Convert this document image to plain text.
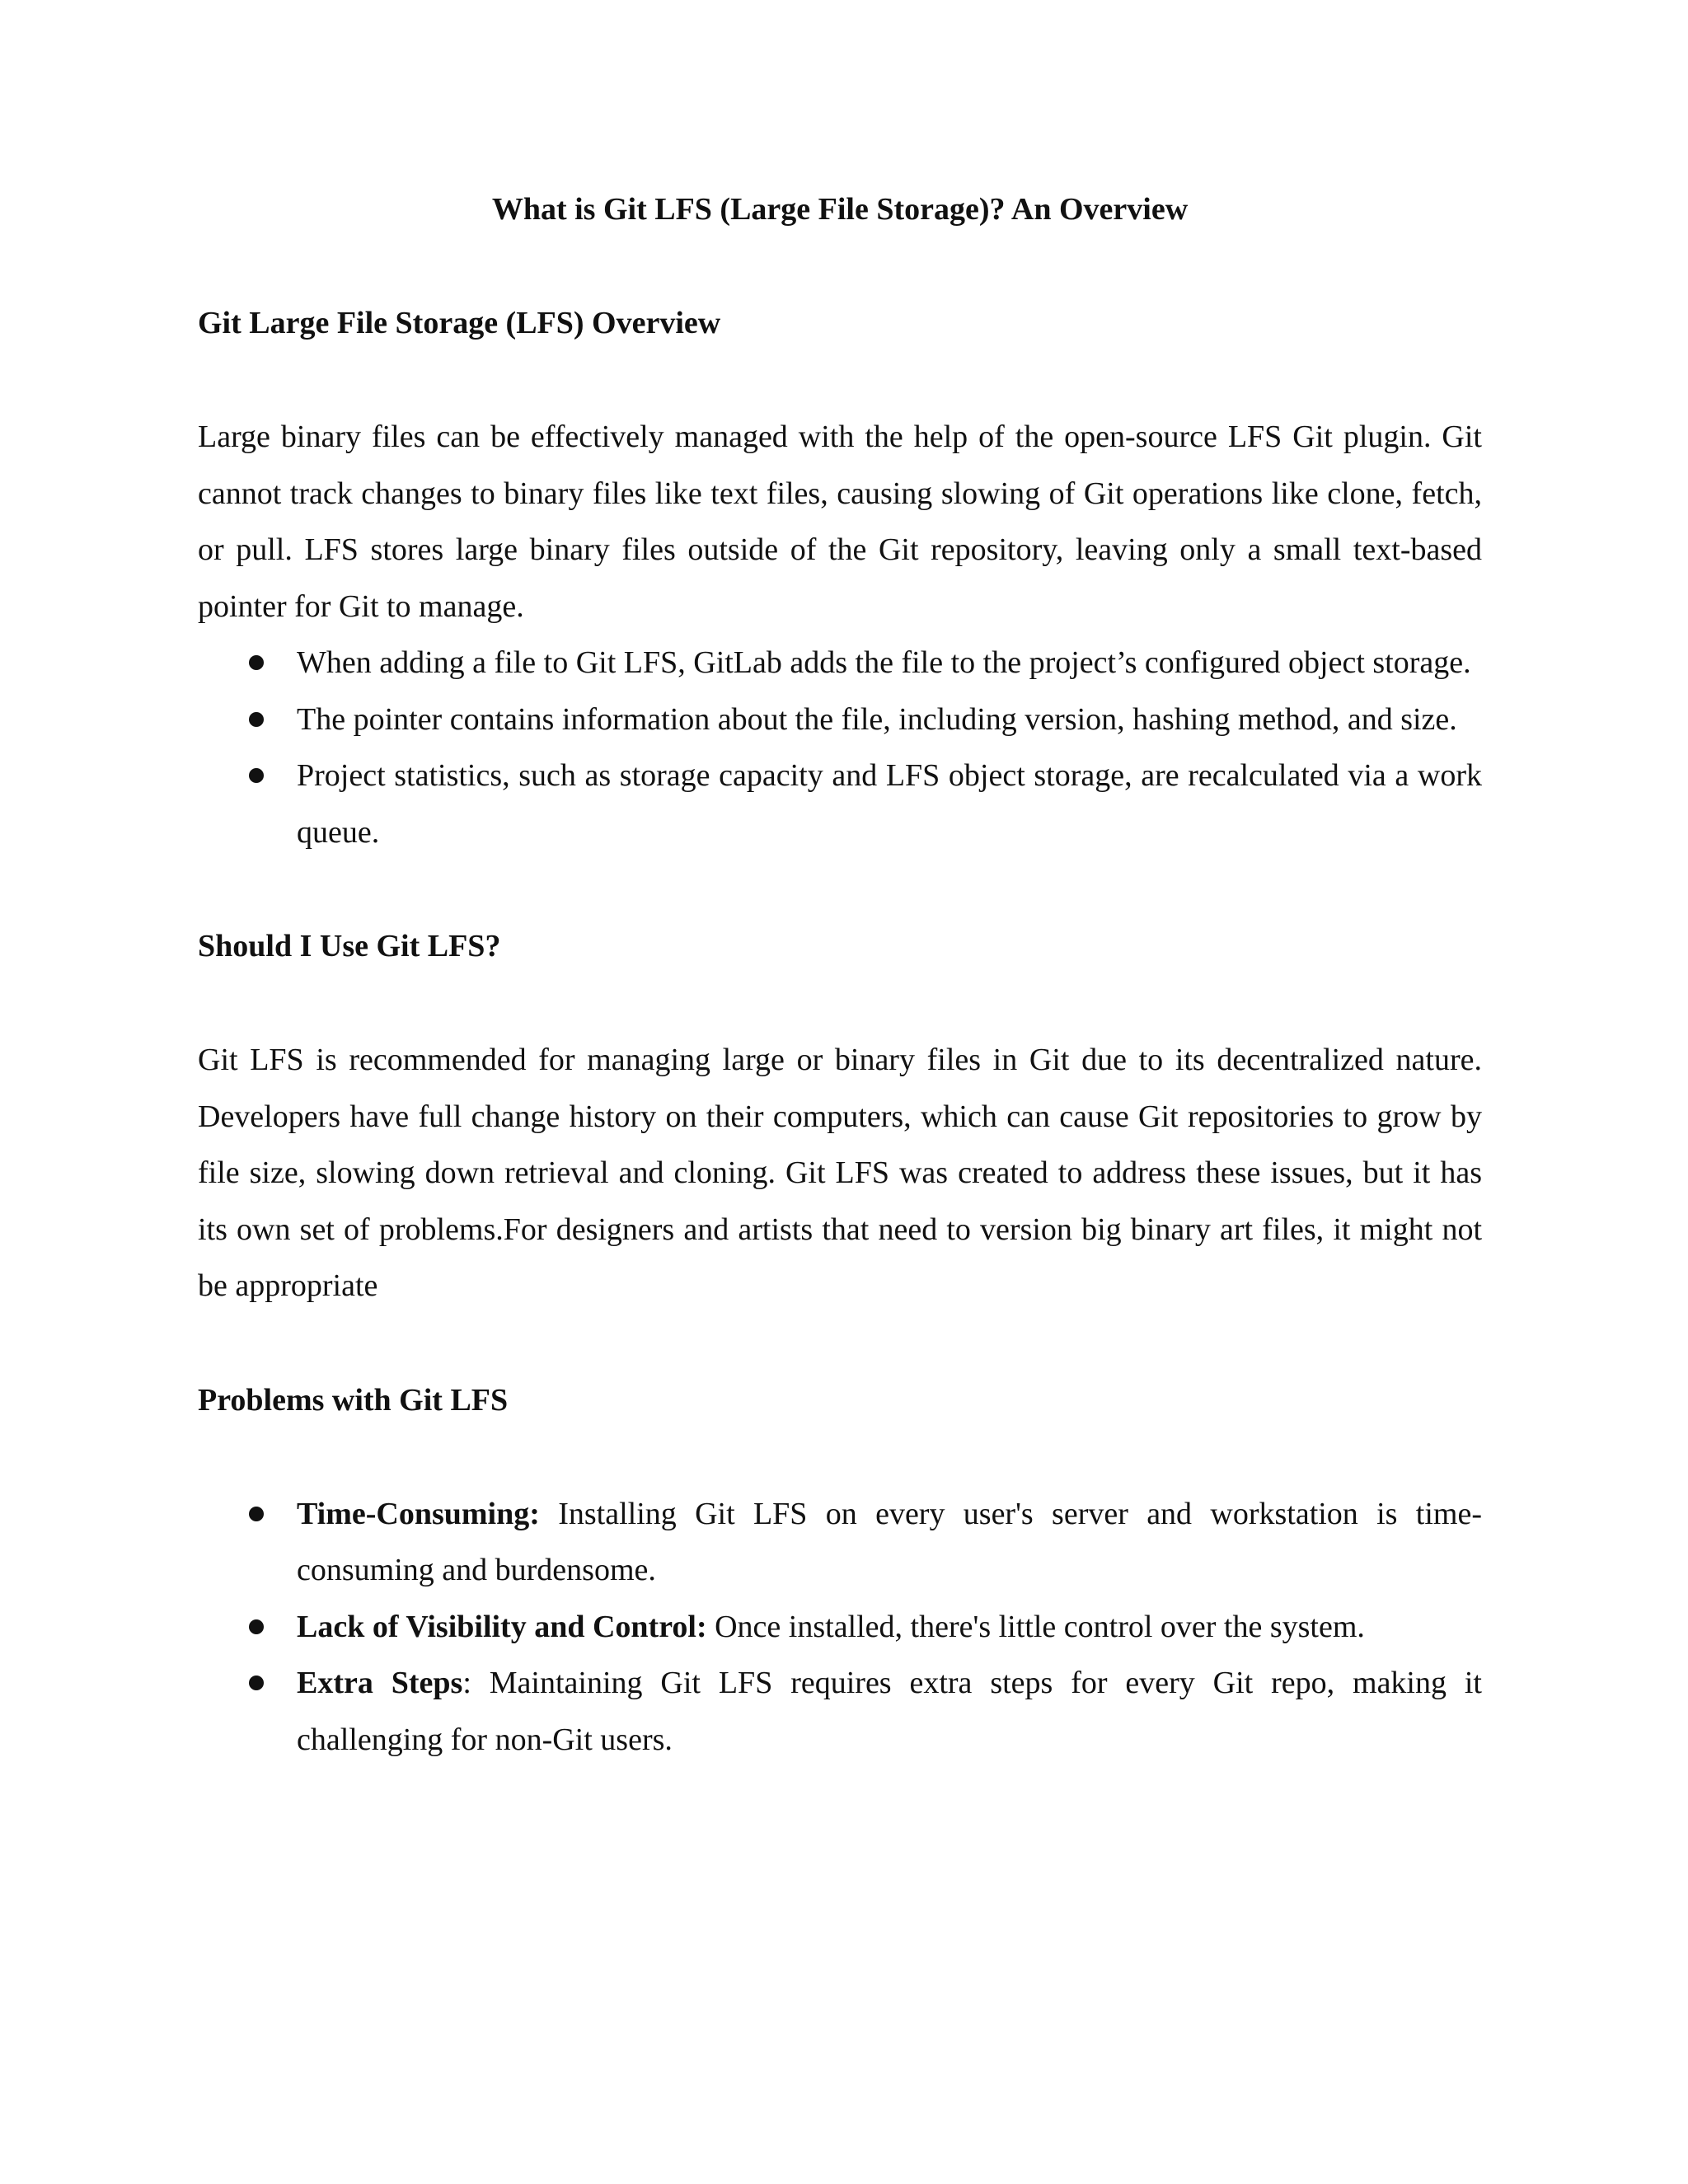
What is Git LFS (Large File Storage)? An Overview
Git Large File Storage (LFS) Overview

Large binary files can be effectively managed with the help of the open-source LFS Git plugin. Git cannot track changes to binary files like text files, causing slowing of Git operations like clone, fetch, or pull. LFS stores large binary files outside of the Git repository, leaving only a small text-based pointer for Git to manage.

When adding a file to Git LFS, GitLab adds the file to the project’s configured object storage.
The pointer contains information about the file, including version, hashing method, and size.
Project statistics, such as storage capacity and LFS object storage, are recalculated via a work queue.
Should I Use Git LFS?

Git LFS is recommended for managing large or binary files in Git due to its decentralized nature. Developers have full change history on their computers, which can cause Git repositories to grow by file size, slowing down retrieval and cloning. Git LFS was created to address these issues, but it has its own set of problems.For designers and artists that need to version big binary art files, it might not be appropriate

Problems with Git LFS
Time-Consuming: Installing Git LFS on every user's server and workstation is time-consuming and burdensome.
Lack of Visibility and Control: Once installed, there's little control over the system.
Extra Steps: Maintaining Git LFS requires extra steps for every Git repo, making it challenging for non-Git users.
